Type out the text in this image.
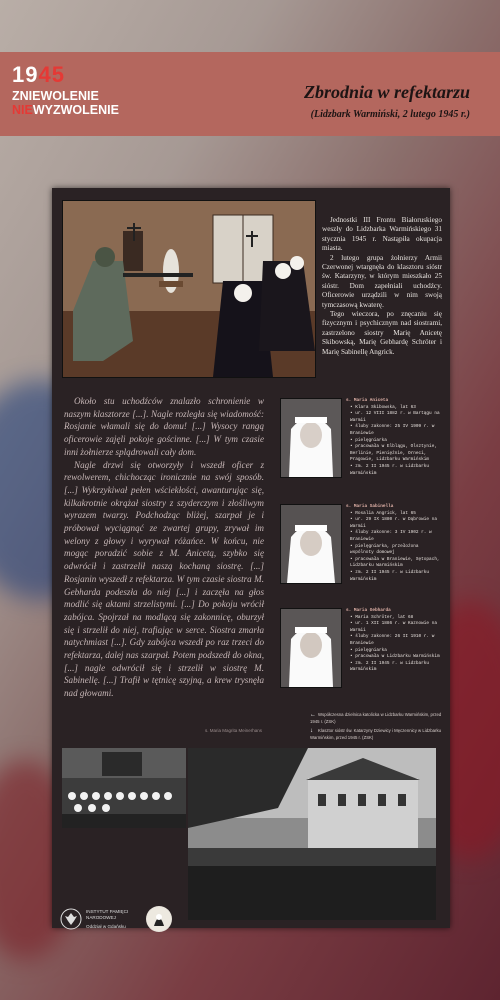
1945
ZNIEWOLENIE
NIEWYZWOLENIE
Zbrodnia w refektarzu
(Lidzbark Warmiński, 2 lutego 1945 r.)

Jednostki III Frontu Białoruskiego weszły do Lidzbarka Warmińskiego 31 stycznia 1945 r. Nastąpiła okupacja miasta.

2 lutego grupa żołnierzy Armii Czerwonej wtargnęła do klasztoru sióstr św. Katarzyny, w którym mieszkało 25 sióstr. Dom zapełniali uchodźcy. Oficerowie urządzili w nim swoją tymczasową kwaterę.

Tego wieczora, po znęcaniu się fizycznym i psychicznym nad siostrami, zastrzelono siostry Marię Anicetę Skibowską, Marię Gebhardę Schröter i Marię Sabinellę Angrick.

Około stu uchodźców znalazło schronienie w naszym klasztorze [...]. Nagle rozległa się wiadomość: Rosjanie włamali się do domu! [...] Wysocy rangą oficerowie zajęli pokoje gościnne. [...] W tym czasie inni żołnierze splądrowali cały dom.

Nagle drzwi się otworzyły i wszedł oficer z rewolwerem, chichocząc ironicznie na swój sposób. [...] Wykrzykiwał pełen wściekłości, awanturując się, kilkakrotnie okrążał siostry z szyderczym i złośliwym wyrazem twarzy. Podchodząc bliżej, szarpał je i próbował wyciągnąć ze zwartej grupy, zrywał im welony z głowy i wyrywał różańce. W końcu, nie mogąc poradzić sobie z M. Anicetą, szybko się odwrócił i zastrzelił naszą kochaną siostrę. [...] Rosjanin wyszedł z refektarza. W tym czasie siostra M. Gebharda podeszła do niej [...] i zaczęła na głos modlić się aktami strzelistymi. [...] Do pokoju wrócił zabójca. Spojrzał na modlącą się zakonnicę, oburzył się i strzelił do niej, trafiając w serce. Siostra zmarła natychmiast [...]. Gdy zabójca wszedł po raz trzeci do refektarza, dalej nas szarpał. Potem podszedł do okna, [...] nagle odwrócił się i strzelił w siostrę M. Sabinellę. [...] Trafił w tętnicę szyjną, a krew trysnęła nad głowami.

s. Maria Magrita Meinerhans
s. Maria Aniceta
• Klara Skibowska, lat 63
• ur. 12 VIII 1882 r. w Bartągu na Warmii
• śluby zakonne: 25 IV 1909 r. w Braniewie
• pielęgniarka
• pracowała w Elblągu, Olsztynie, Berlinie, Pieniężnie, Orneci, Pragowie, Lidzbarku Warmińskim
• zm. 2 II 1945 r. w Lidzbarku Warmińskim
s. Maria Sabinella
• Rosalia Angrick, lat 65
• ur. 29 IX 1880 r. w Dąbrowie na Warmii
• śluby zakonne: 3 IV 1902 r. w Braniewie
• pielęgniarka, przełożona wspólnoty domowej
• pracowała w Braniewie, Sętopach, Lidzbarku Warmińskim
• zm. 2 II 1945 r. w Lidzbarku Warmińskim
s. Maria Gebharda
• Maria Schröter, lat 68
• ur. 1 XII 1886 r. w Kaznowie na Warmii
• śluby zakonne: 26 II 1910 r. w Braniewie
• pielęgniarka
• pracowała w Lidzbarku Warmińskim
• zm. 2 II 1945 r. w Lidzbarku Warmińskim
← Współczesna dzielnica katolicka w Lidzbarku Warmińskim, przed 1945 r. (ZSK)
↓ Klasztor sióstr św. Katarzyny Dziewicy i Męczennicy w Lidzbarku Warmińskim, przed 1945 r. (ZSK)
INSTYTUT PAMIĘCI
NARODOWEJ
Oddział w Gdańsku
